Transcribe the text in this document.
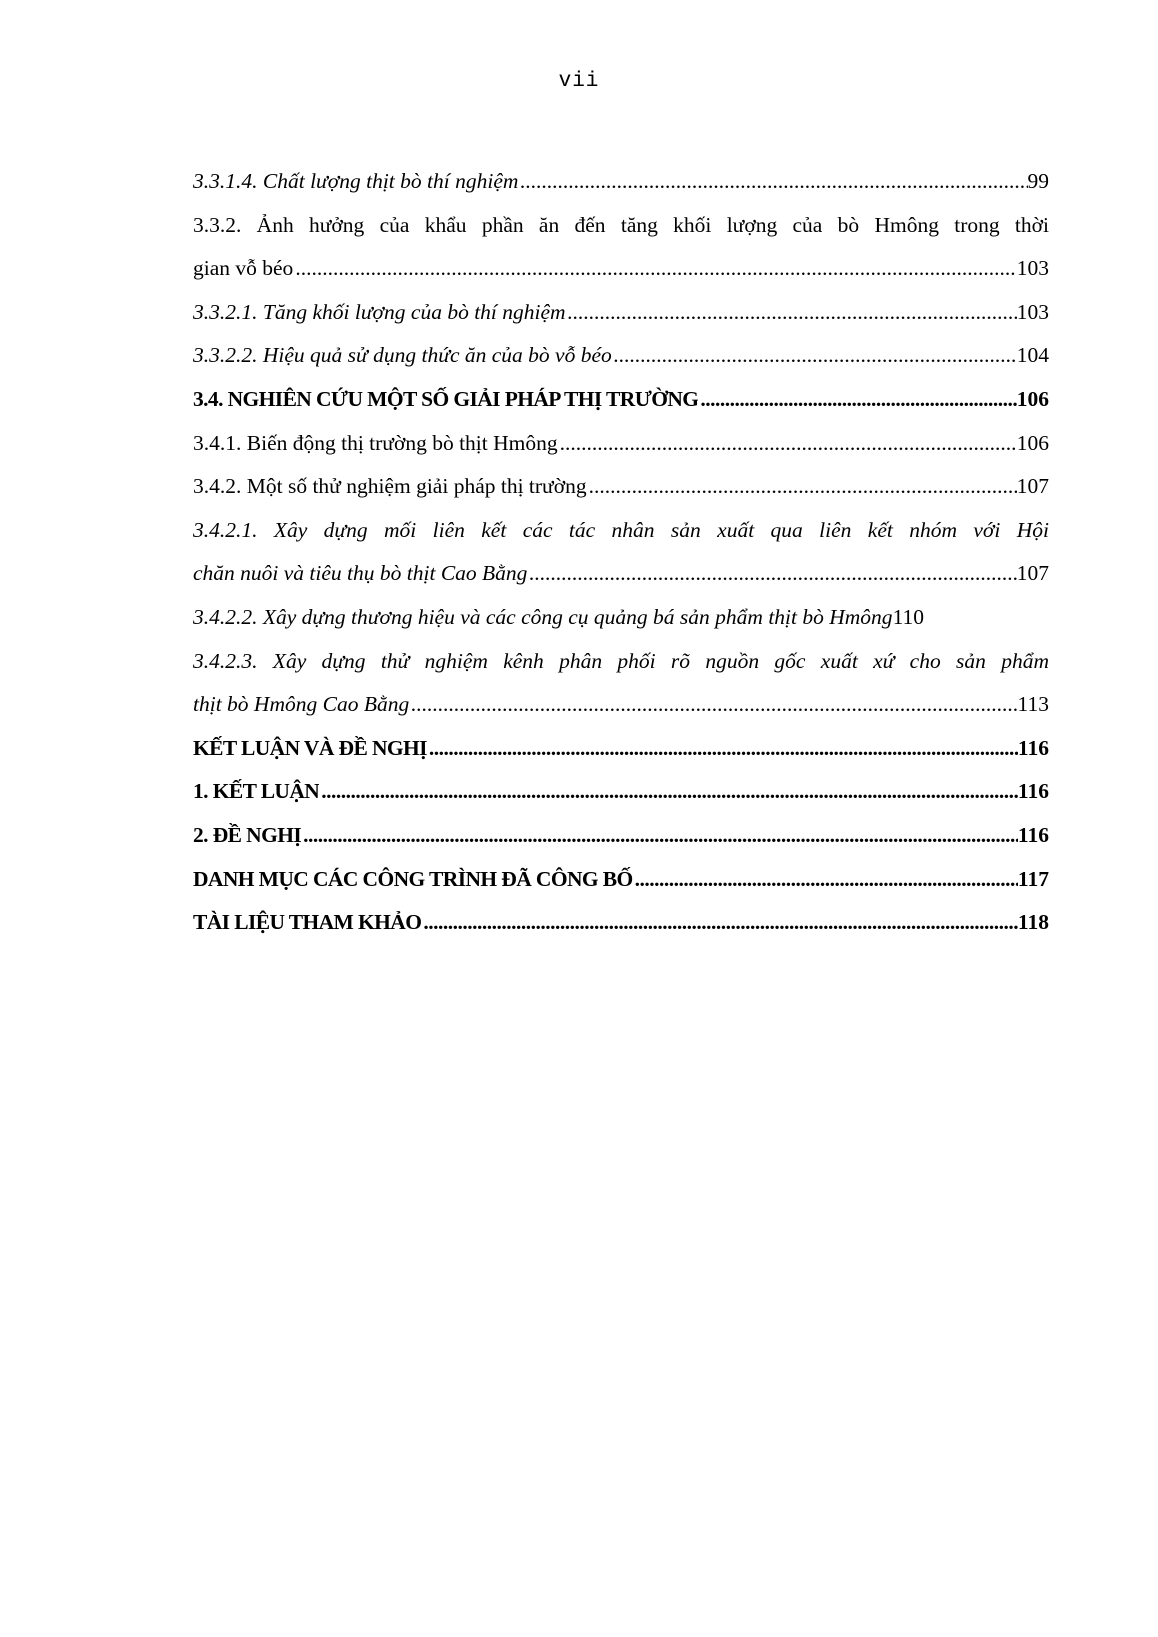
vii
3.3.1.4. Chất lượng thịt bò thí nghiệm .....	99
3.3.2. Ảnh hưởng của khẩu phần ăn đến tăng khối lượng của bò Hmông trong thời
gian vỗ béo .....	103
3.3.2.1. Tăng khối lượng của bò thí nghiệm .....	103
3.3.2.2. Hiệu quả sử dụng thức ăn của bò vỗ béo .....	104
3.4. NGHIÊN CỨU MỘT SỐ GIẢI PHÁP THỊ TRƯỜNG .....	106
3.4.1. Biến động thị trường bò thịt Hmông .....	106
3.4.2. Một số thử nghiệm giải pháp thị trường .....	107
3.4.2.1. Xây dựng mối liên kết các tác nhân sản xuất qua liên kết nhóm với Hội
chăn nuôi và tiêu thụ bò thịt Cao Bằng .....	107
3.4.2.2. Xây dựng thương hiệu và các công cụ quảng bá sản phẩm thịt bò Hmông 110
3.4.2.3. Xây dựng thử nghiệm kênh phân phối rõ nguồn gốc xuất xứ cho sản phẩm
thịt bò Hmông Cao Bằng .....	113
KẾT LUẬN VÀ ĐỀ NGHỊ .....	116
1. KẾT LUẬN .....	116
2. ĐỀ NGHỊ .....	116
DANH MỤC CÁC CÔNG TRÌNH ĐÃ CÔNG BỐ .....	117
TÀI LIỆU THAM KHẢO .....	118
